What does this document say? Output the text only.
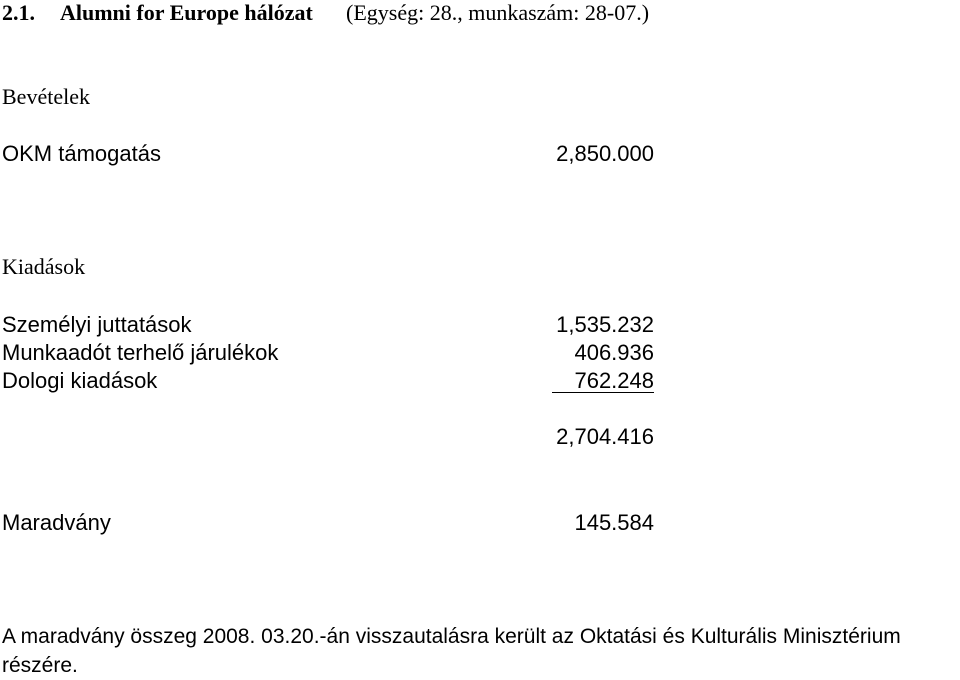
2.1. Alumni for Europe hálózat (Egység: 28., munkaszám: 28-07.)
Bevételek
OKM támogatás	2,850.000
Kiadások
Személyi juttatások	1,535.232
Munkaadót terhelő járulékok	406.936
Dologi kiadások	762.248
2,704.416
Maradvány	145.584
A maradvány összeg 2008. 03.20.-án visszautalásra került az Oktatási és Kulturális Minisztérium részére.
